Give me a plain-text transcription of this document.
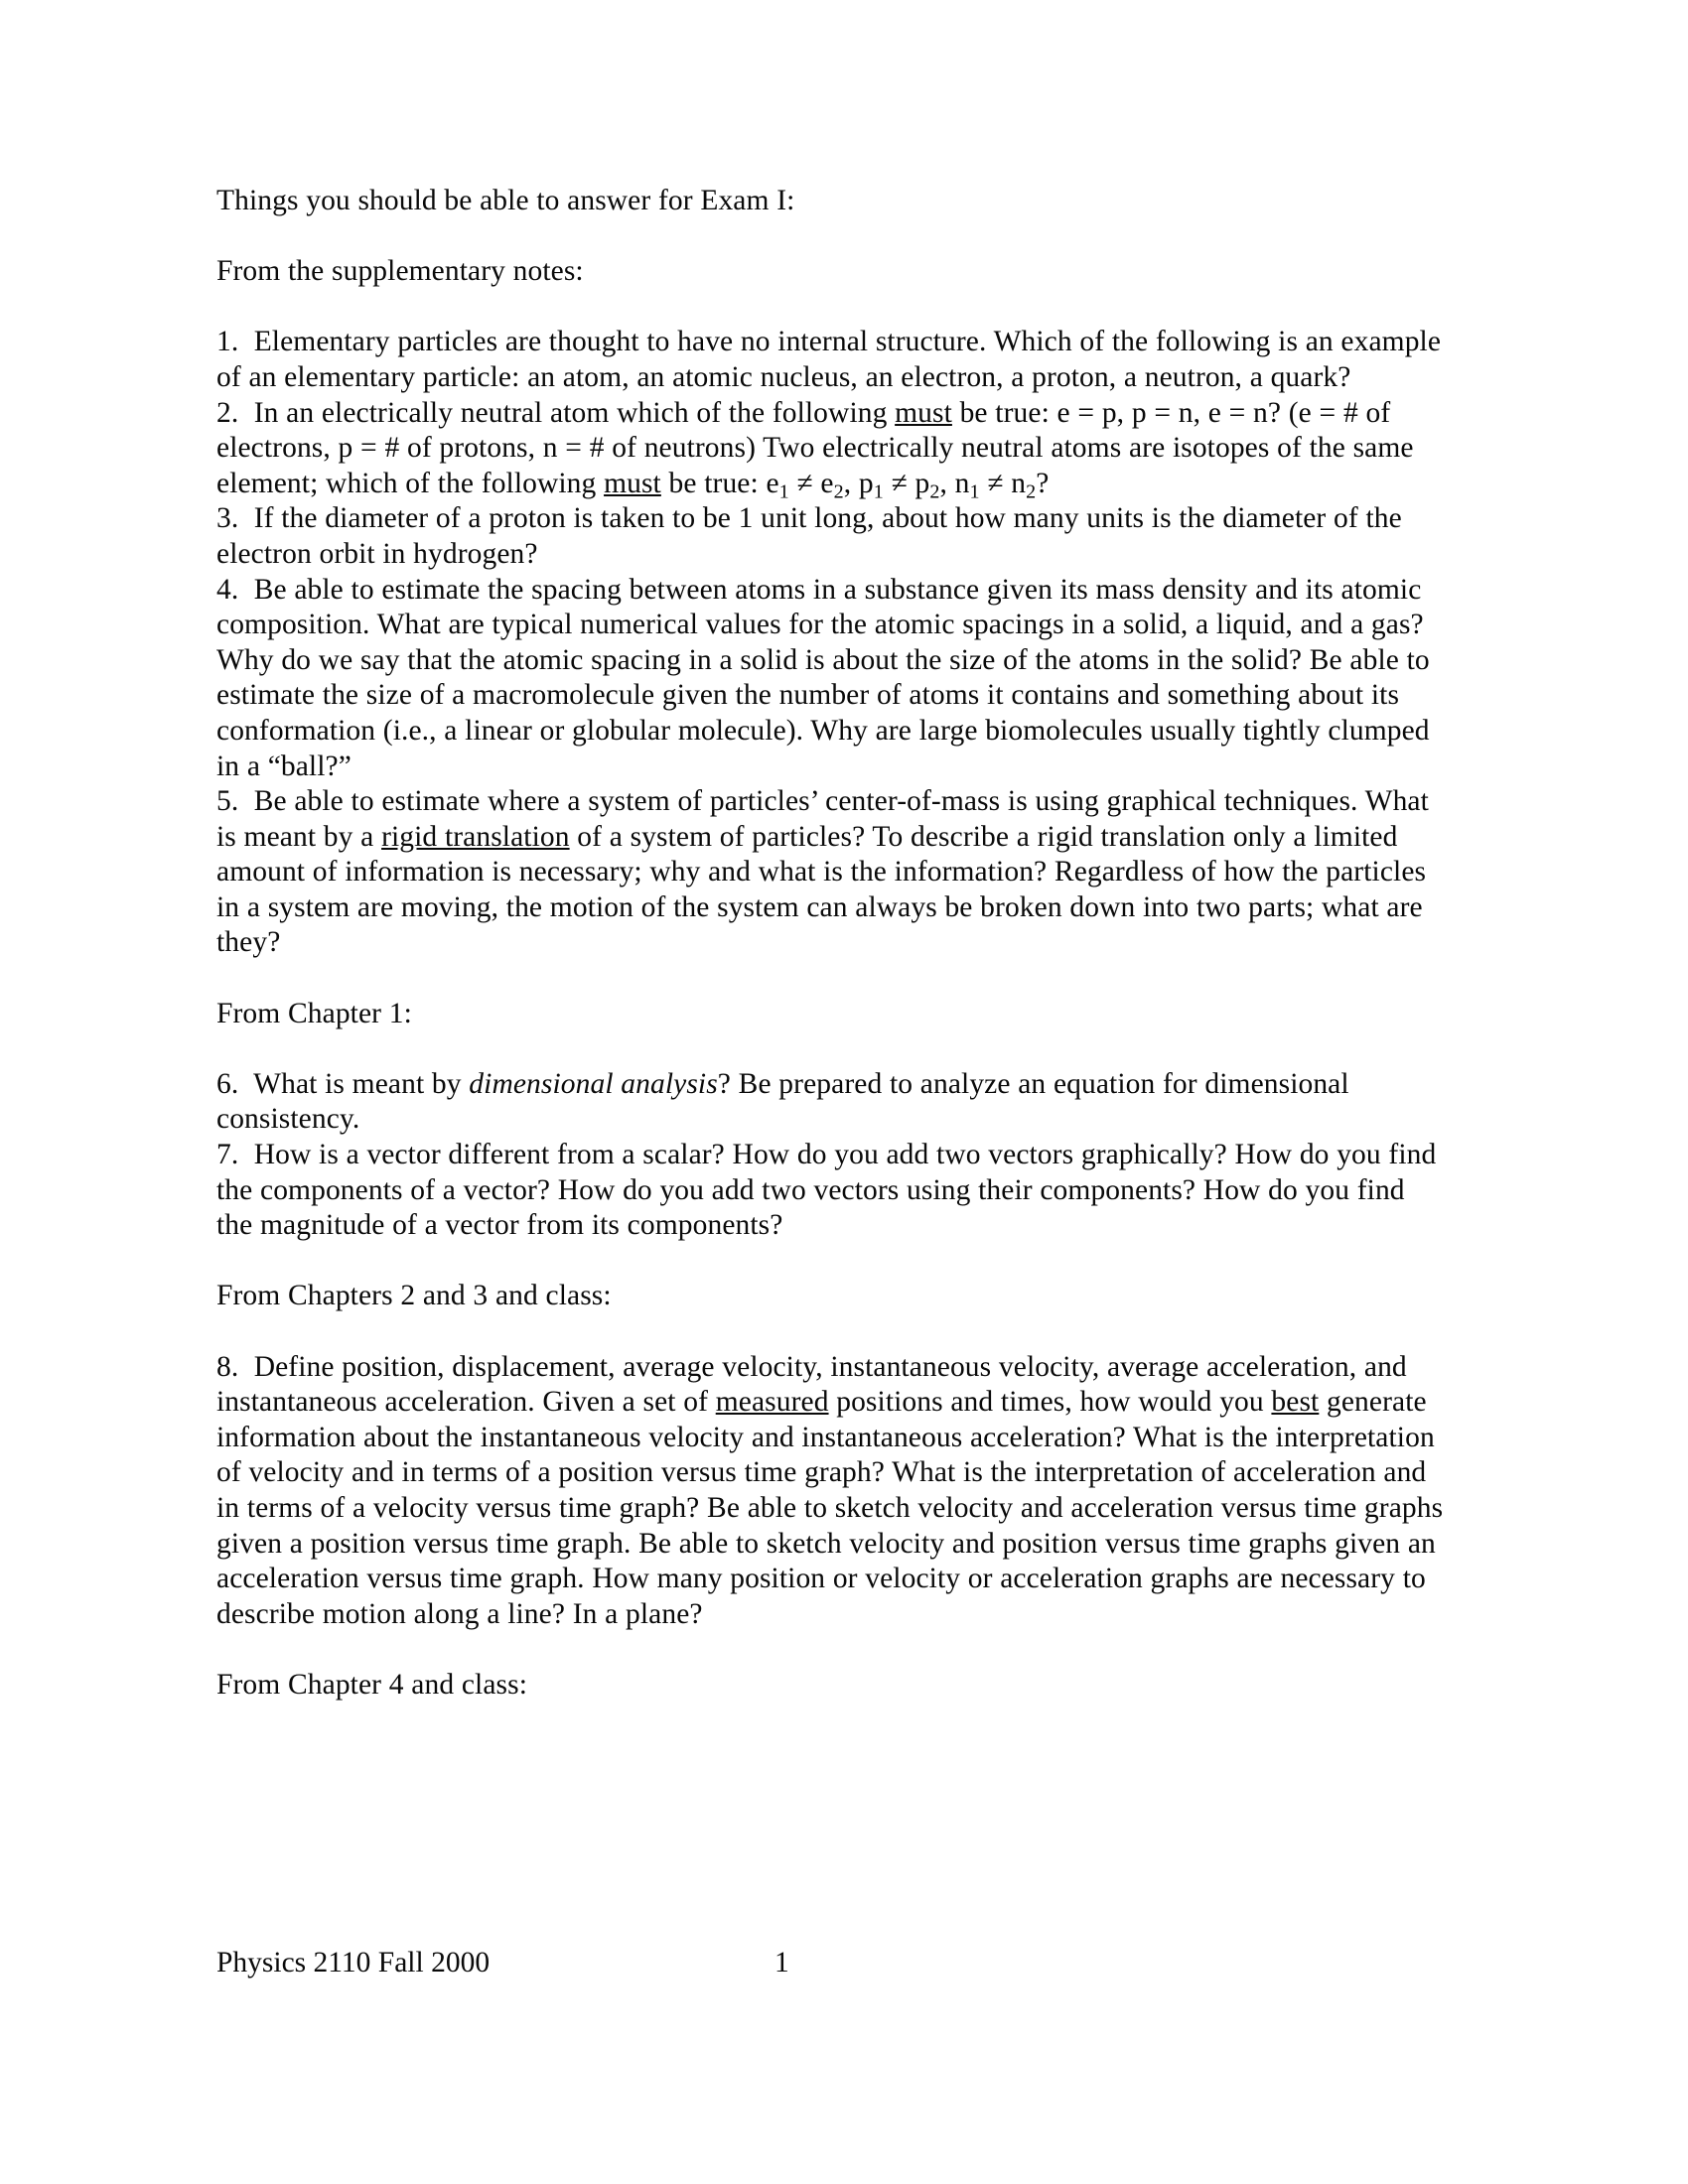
Things you should be able to answer for Exam I:

From the supplementary notes:

1. Elementary particles are thought to have no internal structure. Which of the following is an example of an elementary particle: an atom, an atomic nucleus, an electron, a proton, a neutron, a quark?

2. In an electrically neutral atom which of the following must be true: e = p, p = n, e = n? (e = # of electrons, p = # of protons, n = # of neutrons) Two electrically neutral atoms are isotopes of the same element; which of the following must be true: $e_1 \ne e_2$, $p_1 \ne p_2$, $n_1 \ne n_2$?

3. If the diameter of a proton is taken to be 1 unit long, about how many units is the diameter of the electron orbit in hydrogen?

4. Be able to estimate the spacing between atoms in a substance given its mass density and its atomic composition. What are typical numerical values for the atomic spacings in a solid, a liquid, and a gas? Why do we say that the atomic spacing in a solid is about the size of the atoms in the solid? Be able to estimate the size of a macromolecule given the number of atoms it contains and something about its conformation (i.e., a linear or globular molecule). Why are large biomolecules usually tightly clumped in a “ball?”

5. Be able to estimate where a system of particles’ center-of-mass is using graphical techniques. What is meant by a rigid translation of a system of particles? To describe a rigid translation only a limited amount of information is necessary; why and what is the information? Regardless of how the particles in a system are moving, the motion of the system can always be broken down into two parts; what are they?

From Chapter 1:

6. What is meant by dimensional analysis? Be prepared to analyze an equation for dimensional consistency.

7. How is a vector different from a scalar? How do you add two vectors graphically? How do you find the components of a vector? How do you add two vectors using their components? How do you find the magnitude of a vector from its components?

From Chapters 2 and 3 and class:

8. Define position, displacement, average velocity, instantaneous velocity, average acceleration, and instantaneous acceleration. Given a set of measured positions and times, how would you best generate information about the instantaneous velocity and instantaneous acceleration? What is the interpretation of velocity and in terms of a position versus time graph? What is the interpretation of acceleration and in terms of a velocity versus time graph? Be able to sketch velocity and acceleration versus time graphs given a position versus time graph. Be able to sketch velocity and position versus time graphs given an acceleration versus time graph. How many position or velocity or acceleration graphs are necessary to describe motion along a line? In a plane?

From Chapter 4 and class:

Physics 2110 Fall 2000	1
